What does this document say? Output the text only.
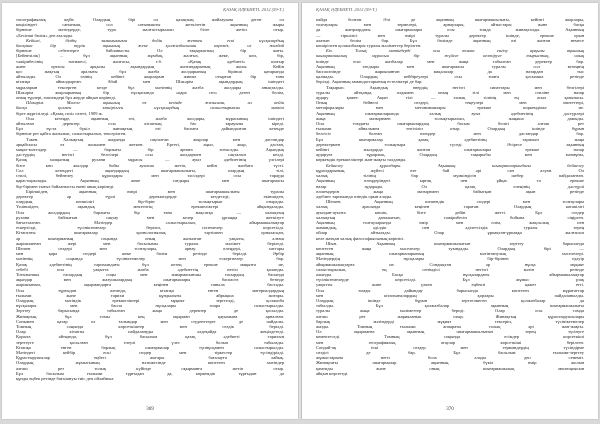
ҚАЗАҚ ӘДЕБИЕТІ. 2012 (59-Т.)
топографиялық жүйе. Олардың бірі ол қазақтың жайлауына деген ол
көңіліндегі сағыныш, сол сағынышты жеткізетін ақынның жыры
бірнеше мәтіндерде, тура жалғастырылып бізге жетіп отыр.
«Бесінші бөлім» деп аталады.
Кейінгі, біздің заманымызға дейін жеткен ескі нұсқалардың
басқаша бір түрін ақынның жеке қолжазбасынан көреміз, ол жағдай
бірнеше себептерге байланысты. Ол тақырыптың бір жағы.
[Бейнелілік] ... бұл ақынның жұмбақ, жалғыз, жеке, көп, бір,
тәжірибесінің нәтижесі, жалғасы, т.б. «Қазақ әдебиеті» шоғыр
және ортасы арқылы ақындардың жазғандарының жолы. Кейін
қос жақтың аралығы бұл жазба жолдарының бірінші қатарында
айтылады. Ол өзінің кейінгі жырларын жинап отырған бір ғана
кітапқа айналдырған. Абай мен Шәкәрім ақындардың ішіндегі
мұраларын тексерген кезде бұл мәтіннің жазба жолдары анықталды.
Шәкәрім жырларының бір нұсқасында «қара сөз» деген бөлім,
оның түрлері, өлшемдері бұл жерде айқын көрінеді.
Шәкәрім. Мәселе ақынның өз кезінде жазылған, ал кейін
басқа қолмен көшірілген нұсқалардың салыстырмалы мәтіні
бірге жүргізіледі. «Қазақ сөзі» газеті, 1909 ж.
Осы кезеңде, ақынның өзі, жазба жолдары, мұрасының ішіндегі
айтылған деректер осы кітаптың бас тарауына кіреді.
Бұл тұста бүкіл жинақтың өзі баспаға дайындалған кезеңде
бірнеше рет қайта жазылып, салыстырылып, тексерілген.
Тәкен. Халықтың жадында сақталған жырлар мен дастандар
әрқайсысы өз жолымен жеткен. Ертегі, аңыз, жыр, дастан,
мақал-мәтелдер — барлығы бір арнаға тоғысады. Ақындық
дәстүрдің негізгі белгілері осы жолдармен сақталып келді.
Қазақ халқының рухани мұрасы — ауыз әдебиетінің үлгілері
бізге көп жылдар бойы ауызша жетіп, кейін жазбаға түсті.
Сол кезеңдегі ақындардың шығармашылығы, олардың тілі,
стилі, бейнелеу құралдары мен тәсілдері осы тарауда
қарастырылады. Ақынның жеке тағдыры мен шығармасы
бір-бірімен тығыз байланысты екені анық көрінеді.
Біріншіден, ақынның өмірі мен шығармашылығы туралы
деректер әр түрлі дереккөздерде кездеседі; екіншіден,
олардың көпшілігі бір-бірін толықтырып отырады.
Үшіншіден, ақындық мектептің ерекшеліктері айқындалады.
Осы жолдардың барлығы бір ғана мақсатқа — халықтың
рухани байлығын сақтау мен келер ұрпаққа жеткізуге
бағытталған. Мәтіндер салыстырылып, айырмашылықтар
ескертілді, түсініктемелер беріліп, сілтемелер көрсетілді.
Кітаптағы шығармалар хронологиялық тәртіппен орналасқан,
әр шығарманың соңында оның жазылған уақыты, алғаш
жарияланған жері мен басылымы туралы мәлімет беріледі.
Шешен сөздері мен толғаулары, арнау өлеңдері, хаттары
мен қара сөздері жеке бөлім ретінде берілді. Әрбір
мәтіннің соңында түсініктемелер мен ескертпелер бар.
Қазақ әдебиетінің тарихындағы бұл кезең ерекше маңызға ие,
себебі осы уақытта жазба әдебиеттің негізі қаланды.
Тоғызыншы ғасырдың соңы мен жиырмасыншы ғасырдың басында
ақындар мен жазушылардың шығармалары баспасөз бетінде
жарияланып, оқырмандарға кеңінен таныла бастады.
Осы тұрғыдан алғанда, кітапқа енген материалдардың
ғылыми және тарихи құндылығы айрықша жоғары.
Олардың мәтіндік ерекшеліктері мұқият зерттелді, қолжазба
нұсқалары мен баспа нұсқалары өзара салыстырылды.
Зерттеу барысында табылған жаңа деректер де қосылды.
Жинақтың бұл томы кең оқырман қауымына арналған.
Сонымен қатар ол ғалымдар мен студенттерге де пайдалы.
Томның соңында көрсеткіштер мен сөздік берілді.
Олар кітапты пайдалануды әлдеқайда жеңілдетеді.
Қорыта айтқанда, бұл басылым қазақ әдебиеті тарихын
зерттеуге қосылған елеулі үлес болып табылады.
Кітапқа енген барлық шығармалар түпнұсқамен салыстырылды.
Мәтіндегі кейбір ескі сөздер мен тіркестер түсіндірілді.
Құрастырушылар еңбегі жоғары бағалауға лайық.
Олардың жұмысының нәтижесінде көптеген мәтіндер
алғаш рет толық күйінде оқырманға жетіп отыр.
Бұл басылым ғылыми тұрғыдан да, көркемдік тұрғыдан да
құнды еңбек ретінде бағалануы тиіс деп ойлаймыз.
369
ҚАЗАҚ ӘДЕБИЕТІ. 2012 (59-Т.)
пайда болған. Әлі де ақынның шығармашылығы, кейінгі жырлары,
толғаулары мен термелері, арнаулары, айтыстары және басқа
да жанрлардағы шығармалары осы томда жинақталды. Ақынның
— тіршілігі мен өмірі туралы деректер ішінде, ерекше орын
алатын бөлім бар. Бұл бөлімде ақынның өзі жазған немесе
көшірілген қолжазбалары туралы мәліметтер берілген.
Біз. Толық мәтіндерді осы томға енгізу арқылы ақынның
шығармашылық мұрасын бір жүйеге келтіруге тырыстық, оның
ішінде ескі жазбалар мен жаңа табылған деректер бар.
Ақынның тағдыры мен шығармасы туралы сол кезеңнің
баспасөзінде жарияланған мақалалар да назардан тыс
қалмады. Олардың кейбіреулері осы томға қосымша ретінде
берілді. Ақынның замандастарының естеліктері де бар.
Тақырып. Ақындық өнердің негізгі сипаттары мен белгілері
туралы айтқанда, алдымен оның тілі мен стиліне назар
аудару қажет. Ақын тілі — халық тілінің ең асыл қазынасы.
Оның бейнелі сөздері, теңеулері мен эпитеттері,
метафоралары мен метонимиялары ерекше көркемдікке ие.
Ақынның шығармаларында халық ауыз әдебиетінің дәстүрлері
жаңа мазмұнмен толықтырылып, жаңаша дамыды.
Осы томдағы шығармалардың басым бөлігі алғаш рет
ғылыми айналымға енгізіліп отыр. Олардың ішінде бұрын
белгісіз болған өлеңдер мен дастандар бар.
Бұл шығармалар қазақ әдебиетінің тарихын жаңа
деректермен толықтыра түседі. Әсіресе ақынның
кейінгі жылдарда жазған шығармалары ерекше назар
аударуға тұрарлық. Олардың тақырыбы мен мазмұны,
көркемдік ерекшеліктері жан-жақты талданды.
Бейнелеу құралдары. Ақынның шығармаларындағы бейнелеу
құралдарының жүйесі өте бай әрі сан алуан. Ол
халық тілінің бар мүмкіндігін шебер пайдаланған.
Ақынның өлеңдеріндегі ырғақ пен ұйқас та ерекше
назар аударады. Ол қазақ өлеңінің дәстүрлі
өлшемдерін жаңа мазмұнмен байытқан ақын ретінде
әдебиет тарихында өзіндік орын алады.
Шешен. Ақынның шешендік сөздері мен толғаулары
халық арасында кеңінен тараған. Олардың көпшілігі
ауыздан-ауызға көшіп, бізге дейін жетті. Бұл сөздер
халықтың даналығын, тәжірибесін бойына сіңірген.
Ақынның толғауларында өмір мен өлім, жақсылық пен
жамандық, әділдік пен әділетсіздік туралы терең
ойлар айтылады. Олар ұрпақтан-ұрпаққа жалғасып
келе жатқан халық философиясының көрінісі.
Шын. Ақынның шығармашылығын зерттеу барысында
көптеген жаңа мәселелер туындады. Олардың бірі —
ақынның шығармаларының мәтінтанулық мәселелері.
Мәтіндердің нұсқалары бір-бірінен едәуір
айырмашылықтарға ие. Сондықтан әр нұсқа мұқият
салыстырылып, ең сенімдісі негізгі мәтін ретінде
алынды. Басқа нұсқалардағы айырмашылықтар
түсініктемелерде көрсетілді. Бұл жұмыс ұзақ
уақытты және үлкен еңбекті қажет етті.
Осы томды дайындау барысында көптеген мұрағаттар
мен кітапханалардың қорлары пайдаланылды.
Олардың ішінде бұрын зерттелмеген қолжазбалар да
табылды. Бұл қолжазбалар ақынның шығармашылығы
туралы жаңа мәліметтер береді. Олар осы томда
алғаш рет жарияланып отыр. Жинақтың құрастырушылары
барлық мәтіндерді мұқият тексеріп, түсініктемелер
жазды. Томның ғылыми аппараты толық әрі жан-жақты.
Ол оқырманға ақынның шығармашылығын терең түсінуге
көмектеседі. Томның соңында есімдер көрсеткіші
мен географиялық атаулар көрсеткіші берілген.
Сондай-ақ ескі сөздер мен терминдердің түсіндірме
сөздігі де бар. Бұл басылым ғылыми-зерттеу
жұмыстарына негіз бола алады деп сенеміз.
Жинақтағы шығармалар ақынның бүкіл өмір жолын
қамтиды және оның шығармашылық эволюциясын
айқын көрсетеді.
370
